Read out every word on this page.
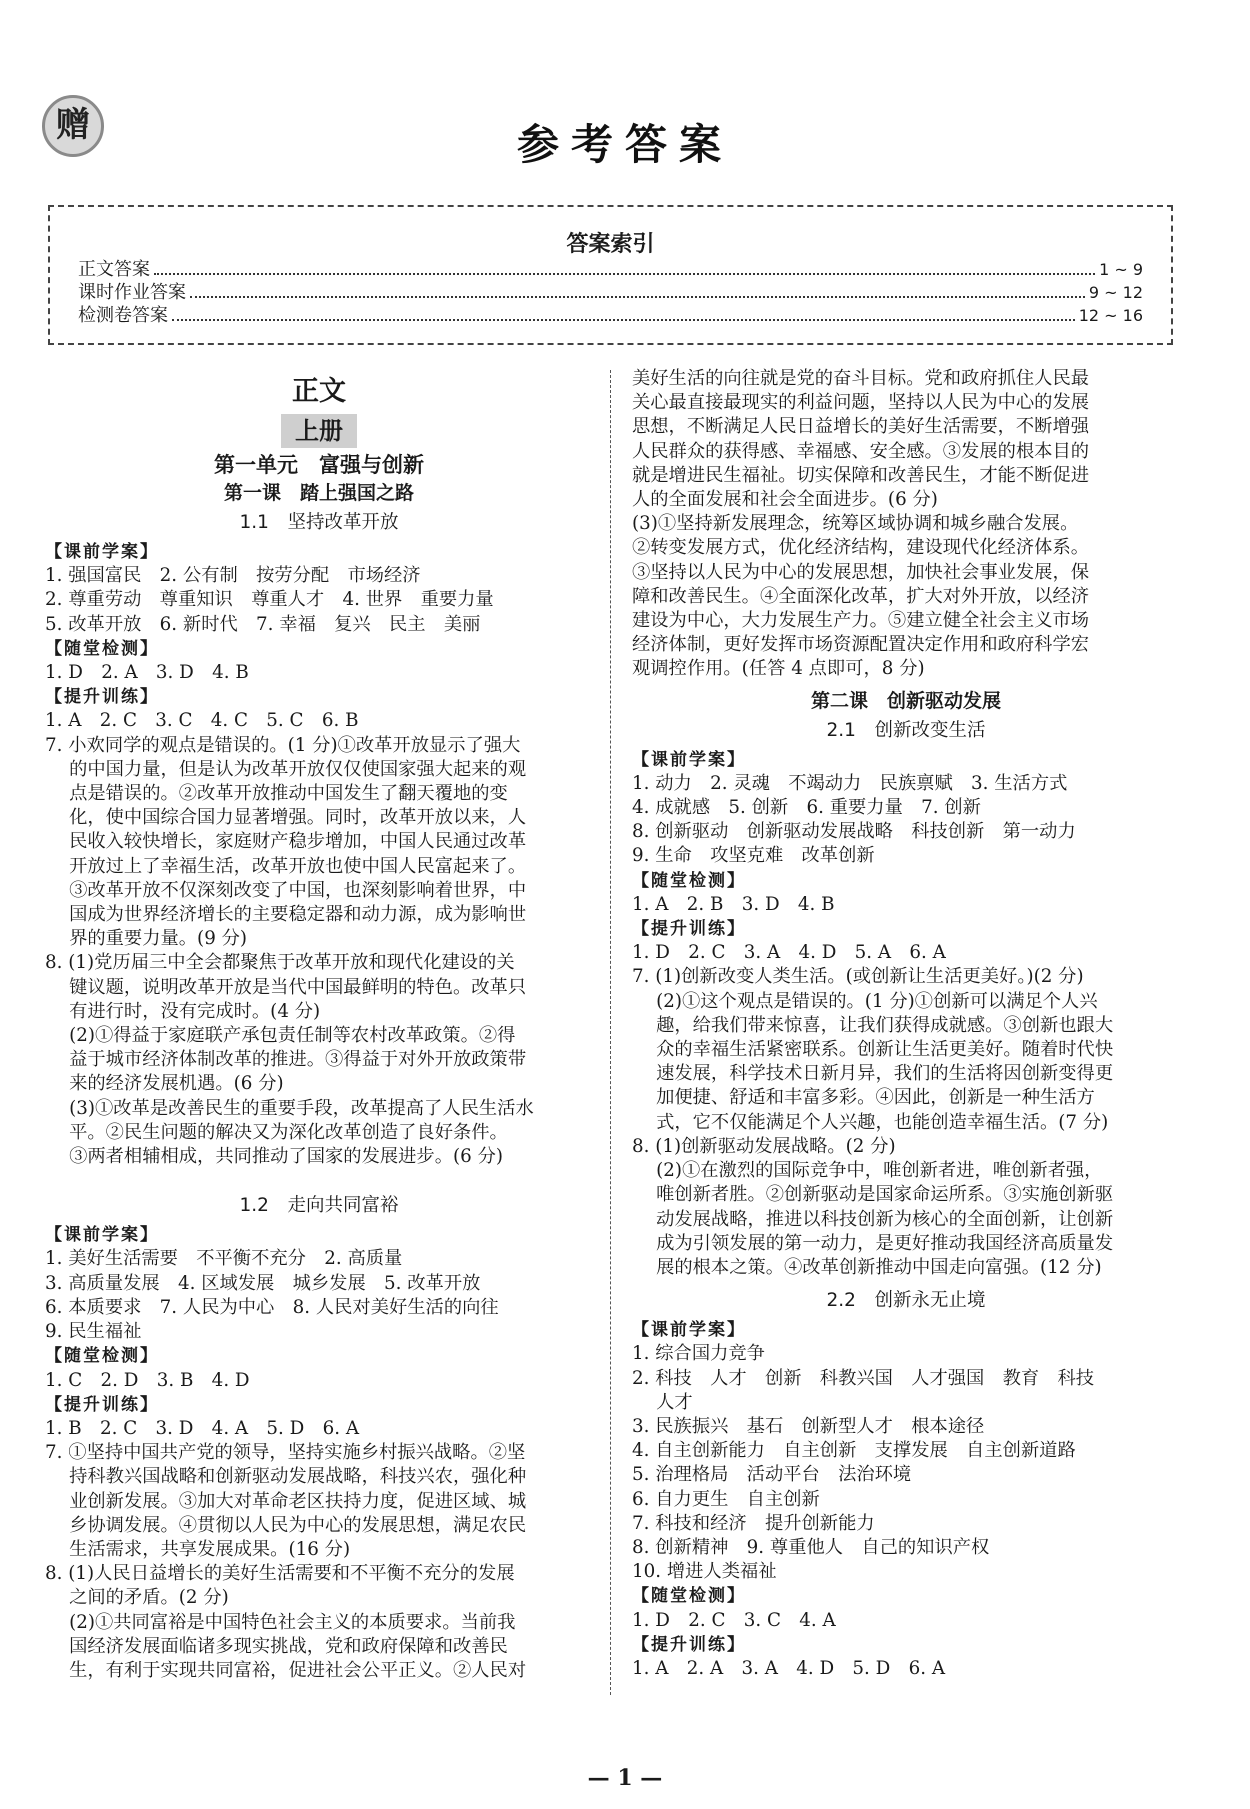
赠	参考答案
答案索引
正文答案	1 ~ 9
课时作业答案	9 ~ 12
检测卷答案	12 ~ 16
正文
上册
第一单元　富强与创新
第一课　踏上强国之路
1.1　坚持改革开放

【课前学案】

1. 强国富民　2. 公有制　按劳分配　市场经济

2. 尊重劳动　尊重知识　尊重人才　4. 世界　重要力量

5. 改革开放　6. 新时代　7. 幸福　复兴　民主　美丽

【随堂检测】

1. D　2. A　3. D　4. B

【提升训练】

1. A　2. C　3. C　4. C　5. C　6. B

7. 小欢同学的观点是错误的。(1 分)①改革开放显示了强大

　 的中国力量，但是认为改革开放仅仅使国家强大起来的观

　 点是错误的。②改革开放推动中国发生了翻天覆地的变

　 化，使中国综合国力显著增强。同时，改革开放以来，人

　 民收入较快增长，家庭财产稳步增加，中国人民通过改革

　 开放过上了幸福生活，改革开放也使中国人民富起来了。

　 ③改革开放不仅深刻改变了中国，也深刻影响着世界，中

　 国成为世界经济增长的主要稳定器和动力源，成为影响世

　 界的重要力量。(9 分)

8. (1)党历届三中全会都聚焦于改革开放和现代化建设的关

　 键议题，说明改革开放是当代中国最鲜明的特色。改革只

　 有进行时，没有完成时。(4 分)

　 (2)①得益于家庭联产承包责任制等农村改革政策。②得

　 益于城市经济体制改革的推进。③得益于对外开放政策带

　 来的经济发展机遇。(6 分)

　 (3)①改革是改善民生的重要手段，改革提高了人民生活水

　 平。②民生问题的解决又为深化改革创造了良好条件。

　 ③两者相辅相成，共同推动了国家的发展进步。(6 分)

1.2　走向共同富裕

【课前学案】

1. 美好生活需要　不平衡不充分　2. 高质量

3. 高质量发展　4. 区域发展　城乡发展　5. 改革开放

6. 本质要求　7. 人民为中心　8. 人民对美好生活的向往

9. 民生福祉

【随堂检测】

1. C　2. D　3. B　4. D

【提升训练】

1. B　2. C　3. D　4. A　5. D　6. A

7. ①坚持中国共产党的领导，坚持实施乡村振兴战略。②坚

　 持科教兴国战略和创新驱动发展战略，科技兴农，强化种

　 业创新发展。③加大对革命老区扶持力度，促进区域、城

　 乡协调发展。④贯彻以人民为中心的发展思想，满足农民

　 生活需求，共享发展成果。(16 分)

8. (1)人民日益增长的美好生活需要和不平衡不充分的发展

　 之间的矛盾。(2 分)

　 (2)①共同富裕是中国特色社会主义的本质要求。当前我

　 国经济发展面临诸多现实挑战，党和政府保障和改善民

　 生，有利于实现共同富裕，促进社会公平正义。②人民对

美好生活的向往就是党的奋斗目标。党和政府抓住人民最

关心最直接最现实的利益问题，坚持以人民为中心的发展

思想，不断满足人民日益增长的美好生活需要，不断增强

人民群众的获得感、幸福感、安全感。③发展的根本目的

就是增进民生福祉。切实保障和改善民生，才能不断促进

人的全面发展和社会全面进步。(6 分)

(3)①坚持新发展理念，统筹区域协调和城乡融合发展。

②转变发展方式，优化经济结构，建设现代化经济体系。

③坚持以人民为中心的发展思想，加快社会事业发展，保

障和改善民生。④全面深化改革，扩大对外开放，以经济

建设为中心，大力发展生产力。⑤建立健全社会主义市场

经济体制，更好发挥市场资源配置决定作用和政府科学宏

观调控作用。(任答 4 点即可，8 分)

第二课　创新驱动发展
2.1　创新改变生活

【课前学案】

1. 动力　2. 灵魂　不竭动力　民族禀赋　3. 生活方式

4. 成就感　5. 创新　6. 重要力量　7. 创新

8. 创新驱动　创新驱动发展战略　科技创新　第一动力

9. 生命　攻坚克难　改革创新

【随堂检测】

1. A　2. B　3. D　4. B

【提升训练】

1. D　2. C　3. A　4. D　5. A　6. A

7. (1)创新改变人类生活。(或创新让生活更美好。)(2 分)

　 (2)①这个观点是错误的。(1 分)①创新可以满足个人兴

　 趣，给我们带来惊喜，让我们获得成就感。③创新也跟大

　 众的幸福生活紧密联系。创新让生活更美好。随着时代快

　 速发展，科学技术日新月异，我们的生活将因创新变得更

　 加便捷、舒适和丰富多彩。④因此，创新是一种生活方

　 式，它不仅能满足个人兴趣，也能创造幸福生活。(7 分)

8. (1)创新驱动发展战略。(2 分)

　 (2)①在激烈的国际竞争中，唯创新者进，唯创新者强，

　 唯创新者胜。②创新驱动是国家命运所系。③实施创新驱

　 动发展战略，推进以科技创新为核心的全面创新，让创新

　 成为引领发展的第一动力，是更好推动我国经济高质量发

　 展的根本之策。④改革创新推动中国走向富强。(12 分)

2.2　创新永无止境

【课前学案】

1. 综合国力竞争

2. 科技　人才　创新　科教兴国　人才强国　教育　科技

　 人才

3. 民族振兴　基石　创新型人才　根本途径

4. 自主创新能力　自主创新　支撑发展　自主创新道路

5. 治理格局　活动平台　法治环境

6. 自力更生　自主创新

7. 科技和经济　提升创新能力

8. 创新精神　9. 尊重他人　自己的知识产权

10. 增进人类福祉

【随堂检测】

1. D　2. C　3. C　4. A

【提升训练】

1. A　2. A　3. A　4. D　5. D　6. A

— 1 —
